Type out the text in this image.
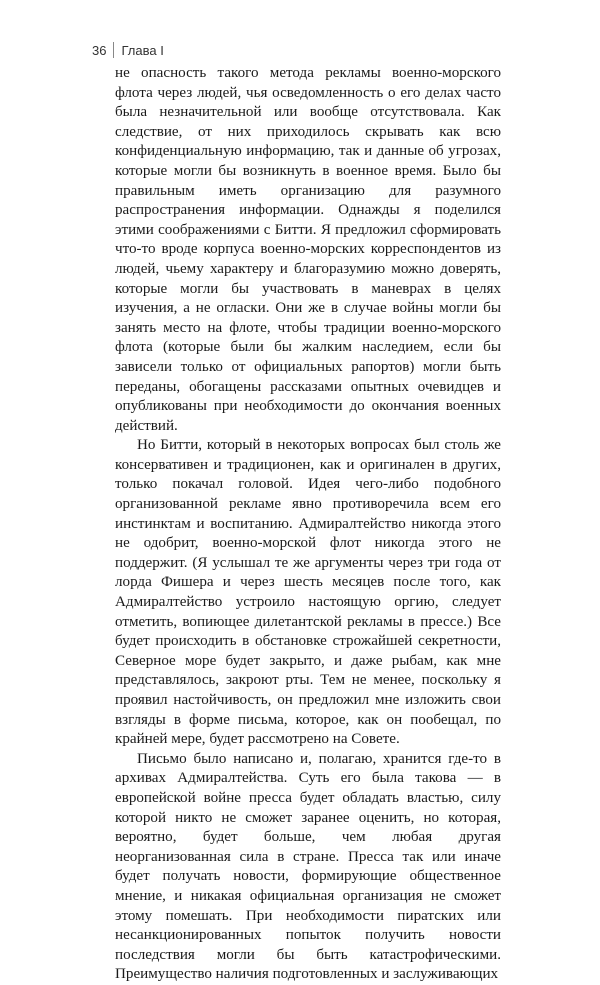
36 Глава I

не опасность такого метода рекламы военно-морского флота через людей, чья осведомленность о его делах часто была незначительной или вообще отсутствовала. Как следствие, от них приходилось скрывать как всю конфиденциальную информацию, так и данные об угрозах, которые могли бы возникнуть в военное время. Было бы правильным иметь организацию для разумного распространения информации. Однажды я поделился этими соображениями с Битти. Я предложил сформировать что-то вроде корпуса военно-морских корреспондентов из людей, чьему характеру и благоразумию можно доверять, которые могли бы участвовать в маневрах в целях изучения, а не огласки. Они же в случае войны могли бы занять место на флоте, чтобы традиции военно-морского флота (которые были бы жалким наследием, если бы зависели только от официальных рапортов) могли быть переданы, обогащены рассказами опытных очевидцев и опубликованы при необходимости до окончания военных действий.

Но Битти, который в некоторых вопросах был столь же консервативен и традиционен, как и оригинален в других, только покачал головой. Идея чего-либо подобного организованной рекламе явно противоречила всем его инстинктам и воспитанию. Адмиралтейство никогда этого не одобрит, военно-морской флот никогда этого не поддержит. (Я услышал те же аргументы через три года от лорда Фишера и через шесть месяцев после того, как Адмиралтейство устроило настоящую оргию, следует отметить, вопиющее дилетантской рекламы в прессе.) Все будет происходить в обстановке строжайшей секретности, Северное море будет закрыто, и даже рыбам, как мне представлялось, закроют рты. Тем не менее, поскольку я проявил настойчивость, он предложил мне изложить свои взгляды в форме письма, которое, как он пообещал, по крайней мере, будет рассмотрено на Совете.

Письмо было написано и, полагаю, хранится где-то в архивах Адмиралтейства. Суть его была такова — в европейской войне пресса будет обладать властью, силу которой никто не сможет заранее оценить, но которая, вероятно, будет больше, чем любая другая неорганизованная сила в стране. Пресса так или иначе будет получать новости, формирующие общественное мнение, и никакая официальная организация не сможет этому помешать. При необходимости пиратских или несанкционированных попыток получить новости последствия могли бы быть катастрофическими. Преимущество наличия подготовленных и заслуживающих
